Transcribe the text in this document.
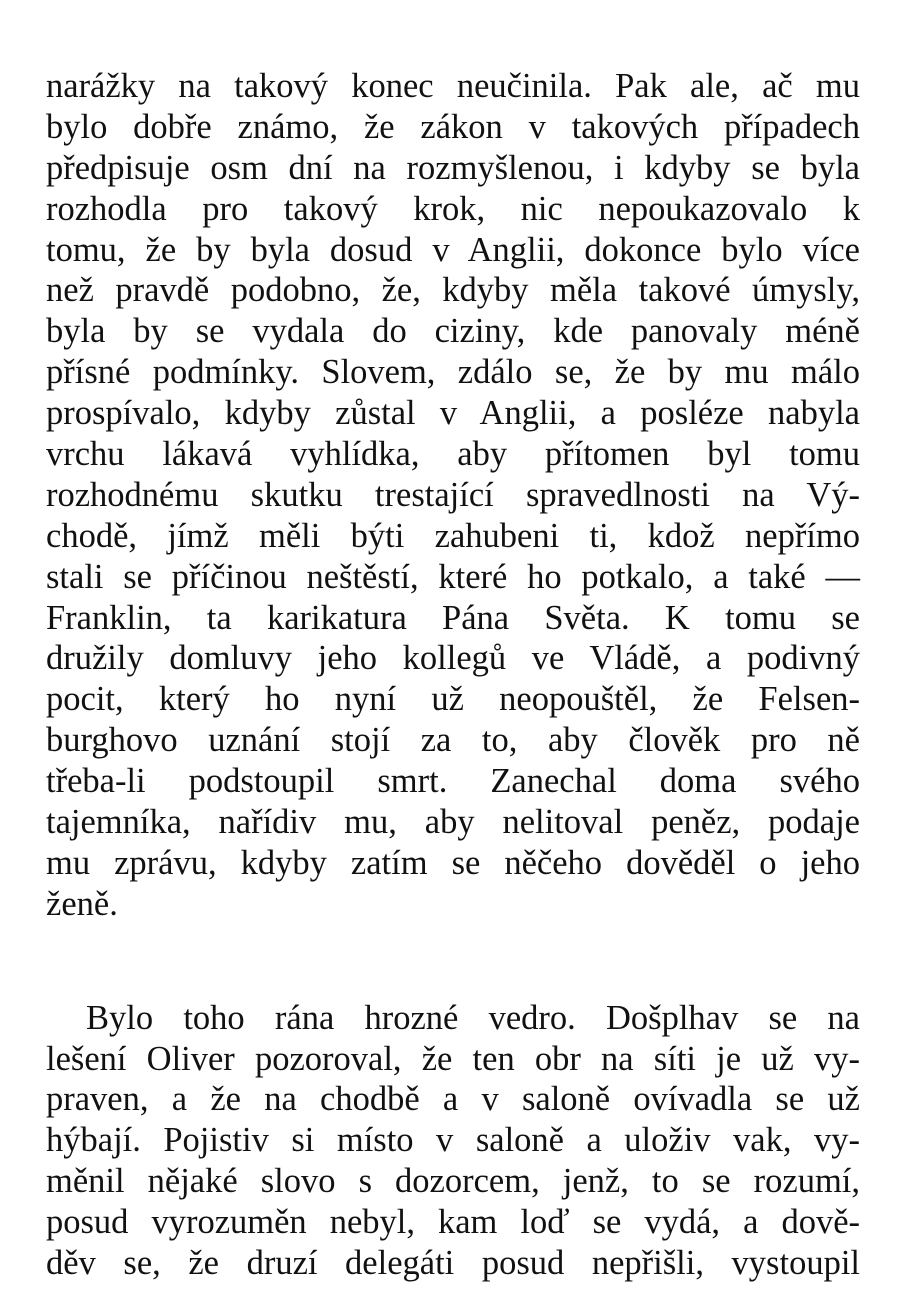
narážky na takový konec neučinila. Pak ale, ač mu
bylo dobře známo, že zákon v takových případech
předpisuje osm dní na rozmyšlenou, i kdyby se byla
rozhodla pro takový krok, nic nepoukazovalo k
tomu, že by byla dosud v Anglii, dokonce bylo více
než pravdě podobno, že, kdyby měla takové úmysly,
byla by se vydala do ciziny, kde panovaly méně
přísné podmínky. Slovem, zdálo se, že by mu málo
prospívalo, kdyby zůstal v Anglii, a posléze nabyla
vrchu lákavá vyhlídka, aby přítomen byl tomu
rozhodnému skutku trestající spravedlnosti na Vý-
chodě, jímž měli býti zahubeni ti, kdož nepřímo
stali se příčinou neštěstí, které ho potkalo, a také —
Franklin, ta karikatura Pána Světa. K tomu se
družily domluvy jeho kollegů ve Vládě, a podivný
pocit, který ho nyní už neopouštěl, že Felsen-
burghovo uznání stojí za to, aby člověk pro ně
třeba-li podstoupil smrt. Zanechal doma svého
tajemníka, nařídiv mu, aby nelitoval peněz, podaje
mu zprávu, kdyby zatím se něčeho dověděl o jeho
ženě.
Bylo toho rána hrozné vedro. Došplhav se na
lešení Oliver pozoroval, že ten obr na síti je už vy-
praven, a že na chodbě a v saloně ovívadla se už
hýbají. Pojistiv si místo v saloně a uloživ vak, vy-
měnil nějaké slovo s dozorcem, jenž, to se rozumí,
posud vyrozuměn nebyl, kam loď se vydá, a dově-
děv se, že druzí delegáti posud nepřišli, vystoupil
